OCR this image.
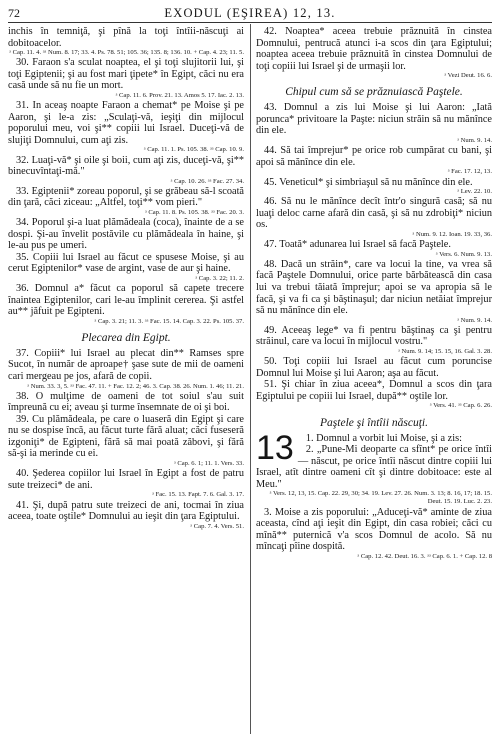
72	EXODUL (EŞIREA) 12, 13.

inchis în temniţă, şi pînă la toţi întîii-născuţi ai dobitoacelor.

ᵃ Cap. 11. 4. ᵃᵃ Num. 8. 17; 33. 4. Ps. 78. 51; 105. 36; 135. 8; 136. 10. + Cap. 4. 23; 11. 5.

30. Faraon s'a sculat noaptea, el şi toţi slujitorii lui, şi toţi Egiptenii; şi au fost mari ţipete* în Egipt, căci nu era casă unde să nu fie un mort.

ᵃ Cap. 11. 6. Prov. 21. 13. Amos 5. 17. Iac. 2. 13.

31. In aceaş noapte Faraon a chemat* pe Moise şi pe Aaron, şi le-a zis: „Sculaţi-vă, ieşiţi din mijlocul poporului meu, voi şi** copiii lui Israel. Duceţi-vă de slujiţi Domnului, cum aţi zis.

ᵃ Cap. 11. 1. Ps. 105. 38. ᵃᵃ Cap. 10. 9.

32. Luaţi-vă* şi oile şi boii, cum aţi zis, duceţi-vă, şi** binecuvîntaţi-mă."

ᵃ Cap. 10. 26. ᵃᵃ Fac. 27. 34.

33. Egiptenii* zoreau poporul, şi se grăbeau să-l scoată din ţară, căci ziceau: „Altfel, toţi** vom pieri."

ᵃ Cap. 11. 8. Ps. 105. 38. ᵃᵃ Fac. 20. 3.

34. Poporul şi-a luat plămădeala (coca), înainte de a se dospi. Şi-au învelit postăvile cu plămădeala în haine, şi le-au pus pe umeri.

35. Copiii lui Israel au făcut ce spusese Moise, şi au cerut Egiptenilor* vase de argint, vase de aur şi haine.

ᵃ Cap. 3. 22; 11. 2.

36. Domnul a* făcut ca poporul să capete trecere înaintea Egiptenilor, cari le-au împlinit cererea. Şi astfel au** jăfuit pe Egipteni.

ᵃ Cap. 3. 21; 11. 3. ᵃᵃ Fac. 15. 14. Cap. 3. 22. Ps. 105. 37.
Plecarea din Egipt.

37. Copiii* lui Israel au plecat din** Ramses spre Sucot, în număr de aproape† şase sute de mii de oameni cari mergeau pe jos, afară de copii.

ᵃ Num. 33. 3, 5. ᵃᵃ Fac. 47. 11. + Fac. 12. 2; 46. 3. Cap. 38. 26. Num. 1. 46; 11. 21.

38. O mulţime de oameni de tot soiul s'au suit împreună cu ei; aveau şi turme însemnate de oi şi boi.

39. Cu plămădeala, pe care o luaseră din Egipt şi care nu se dospise încă, au făcut turte fără aluat; căci fuseseră izgoniţi* de Egipteni, fără să mai poată zăbovi, şi fără să-şi ia merinde cu ei.

ᵃ Cap. 6. 1; 11. 1. Vers. 33.

40. Şederea copiilor lui Israel în Egipt a fost de patru sute treizeci* de ani.

ᵃ Fac. 15. 13. Fapt. 7. 6. Gal. 3. 17.

41. Şi, după patru sute treizeci de ani, tocmai în ziua aceea, toate oştile* Domnului au ieşit din ţara Egiptului.

ᵃ Cap. 7. 4. Vers. 51.

42. Noaptea* aceea trebuie prăznuită în cinstea Domnului, pentrucă atunci i-a scos din ţara Egiptului; noaptea aceea trebuie prăznuită în cinstea Domnului de toţi copiii lui Israel şi de urmaşii lor.

ᵃ Vezi Deut. 16. 6.
Chipul cum să se prăznuiască Paştele.

43. Domnul a zis lui Moise şi lui Aaron: „Iată porunca* privitoare la Paşte: niciun străin să nu mănînce din ele.

ᵃ Num. 9. 14.

44. Să tai împrejur* pe orice rob cumpărat cu bani, şi apoi să mănînce din ele.

ᵃ Fac. 17. 12, 13.

45. Veneticul* şi simbriaşul să nu mănînce din ele.

ᵃ Lev. 22. 10.

46. Să nu le mănînce decît într'o singură casă; să nu luaţi deloc carne afară din casă, şi să nu zdrobiţi* niciun os.

ᵃ Num. 9. 12. Ioan. 19. 33, 36.

47. Toată* adunarea lui Israel să facă Paştele.

ᵃ Vers. 6. Num. 9. 13.

48. Dacă un străin*, care va locui la tine, va vrea să facă Paştele Domnului, orice parte bărbătească din casa lui va trebui tăiată împrejur; apoi se va apropia să le facă, şi va fi ca şi băştinaşul; dar niciun netăiat împrejur să nu mănînce din ele.

ᵃ Num. 9. 14.

49. Aceeaş lege* va fi pentru băştinaş ca şi pentru străinul, care va locui în mijlocul vostru."

ᵃ Num. 9. 14; 15. 15, 16. Gal. 3. 28.

50. Toţi copiii lui Israel au făcut cum poruncise Domnul lui Moise şi lui Aaron; aşa au făcut.

51. Şi chiar în ziua aceea*, Domnul a scos din ţara Egiptului pe copiii lui Israel, după** oştile lor.

ᵃ Vers. 41. ᵃᵃ Cap. 6. 26.
Paştele şi întîii născuţi.
13	1. Domnul a vorbit lui Moise, şi a zis:

2. „Pune-Mi deoparte ca sfînt* pe orice întîi — născut, pe orice întîi născut dintre copiii lui Israel, atît dintre oameni cît şi dintre dobitoace: este al Meu."

ᵃ Vers. 12, 13, 15. Cap. 22. 29, 30; 34. 19. Lev. 27. 26. Num. 3. 13; 8. 16, 17; 18. 15. Deut. 15. 19. Luc. 2. 23.

3. Moise a zis poporului: „Aduceţi-vă* aminte de ziua aceasta, cînd aţi ieşit din Egipt, din casa robiei; căci cu mînă** puternică v'a scos Domnul de acolo. Să nu mîncaţi pîine dospită.

ᵃ Cap. 12. 42. Deut. 16. 3. ᵃᵃ Cap. 6. 1. + Cap. 12. 8
